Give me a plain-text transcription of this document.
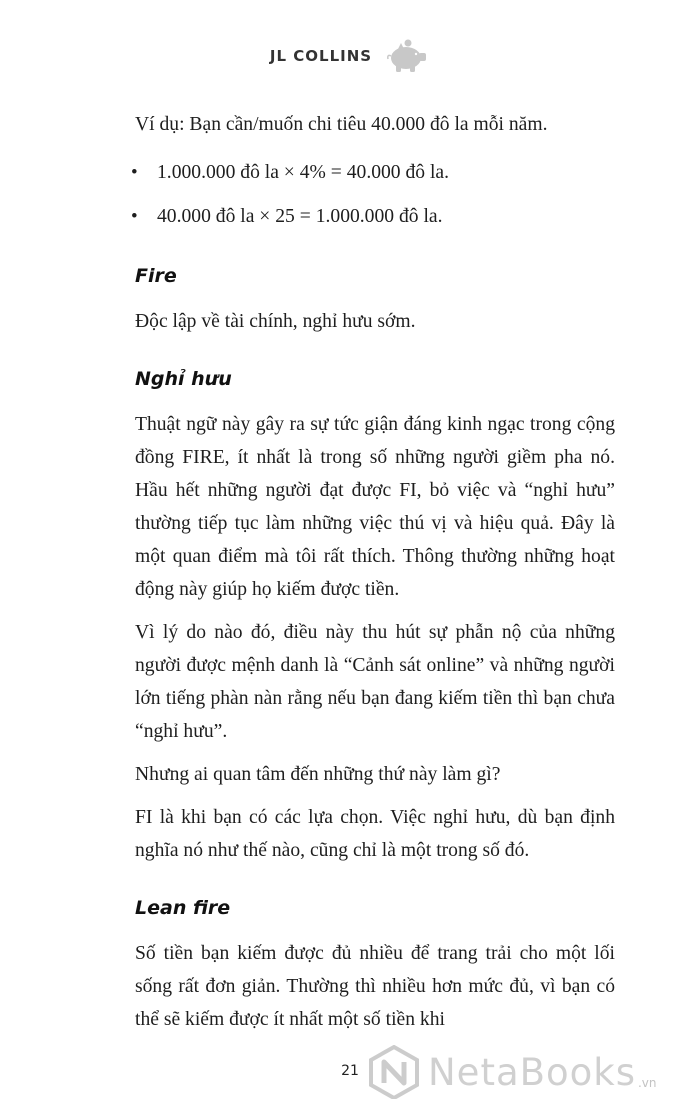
JL COLLINS

Ví dụ: Bạn cần/muốn chi tiêu 40.000 đô la mỗi năm.

• 1.000.000 đô la × 4% = 40.000 đô la.
• 40.000 đô la × 25 = 1.000.000 đô la.
Fire

Độc lập về tài chính, nghỉ hưu sớm.

Nghỉ hưu

Thuật ngữ này gây ra sự tức giận đáng kinh ngạc trong cộng đồng FIRE, ít nhất là trong số những người giềm pha nó. Hầu hết những người đạt được FI, bỏ việc và “nghỉ hưu” thường tiếp tục làm những việc thú vị và hiệu quả. Đây là một quan điểm mà tôi rất thích. Thông thường những hoạt động này giúp họ kiếm được tiền.

Vì lý do nào đó, điều này thu hút sự phẫn nộ của những người được mệnh danh là “Cảnh sát online” và những người lớn tiếng phàn nàn rằng nếu bạn đang kiếm tiền thì bạn chưa “nghỉ hưu”.

Nhưng ai quan tâm đến những thứ này làm gì?

FI là khi bạn có các lựa chọn. Việc nghỉ hưu, dù bạn định nghĩa nó như thế nào, cũng chỉ là một trong số đó.

Lean fire

Số tiền bạn kiếm được đủ nhiều để trang trải cho một lối sống rất đơn giản. Thường thì nhiều hơn mức đủ, vì bạn có thể sẽ kiếm được ít nhất một số tiền khi

21	NetaBooks .vn
